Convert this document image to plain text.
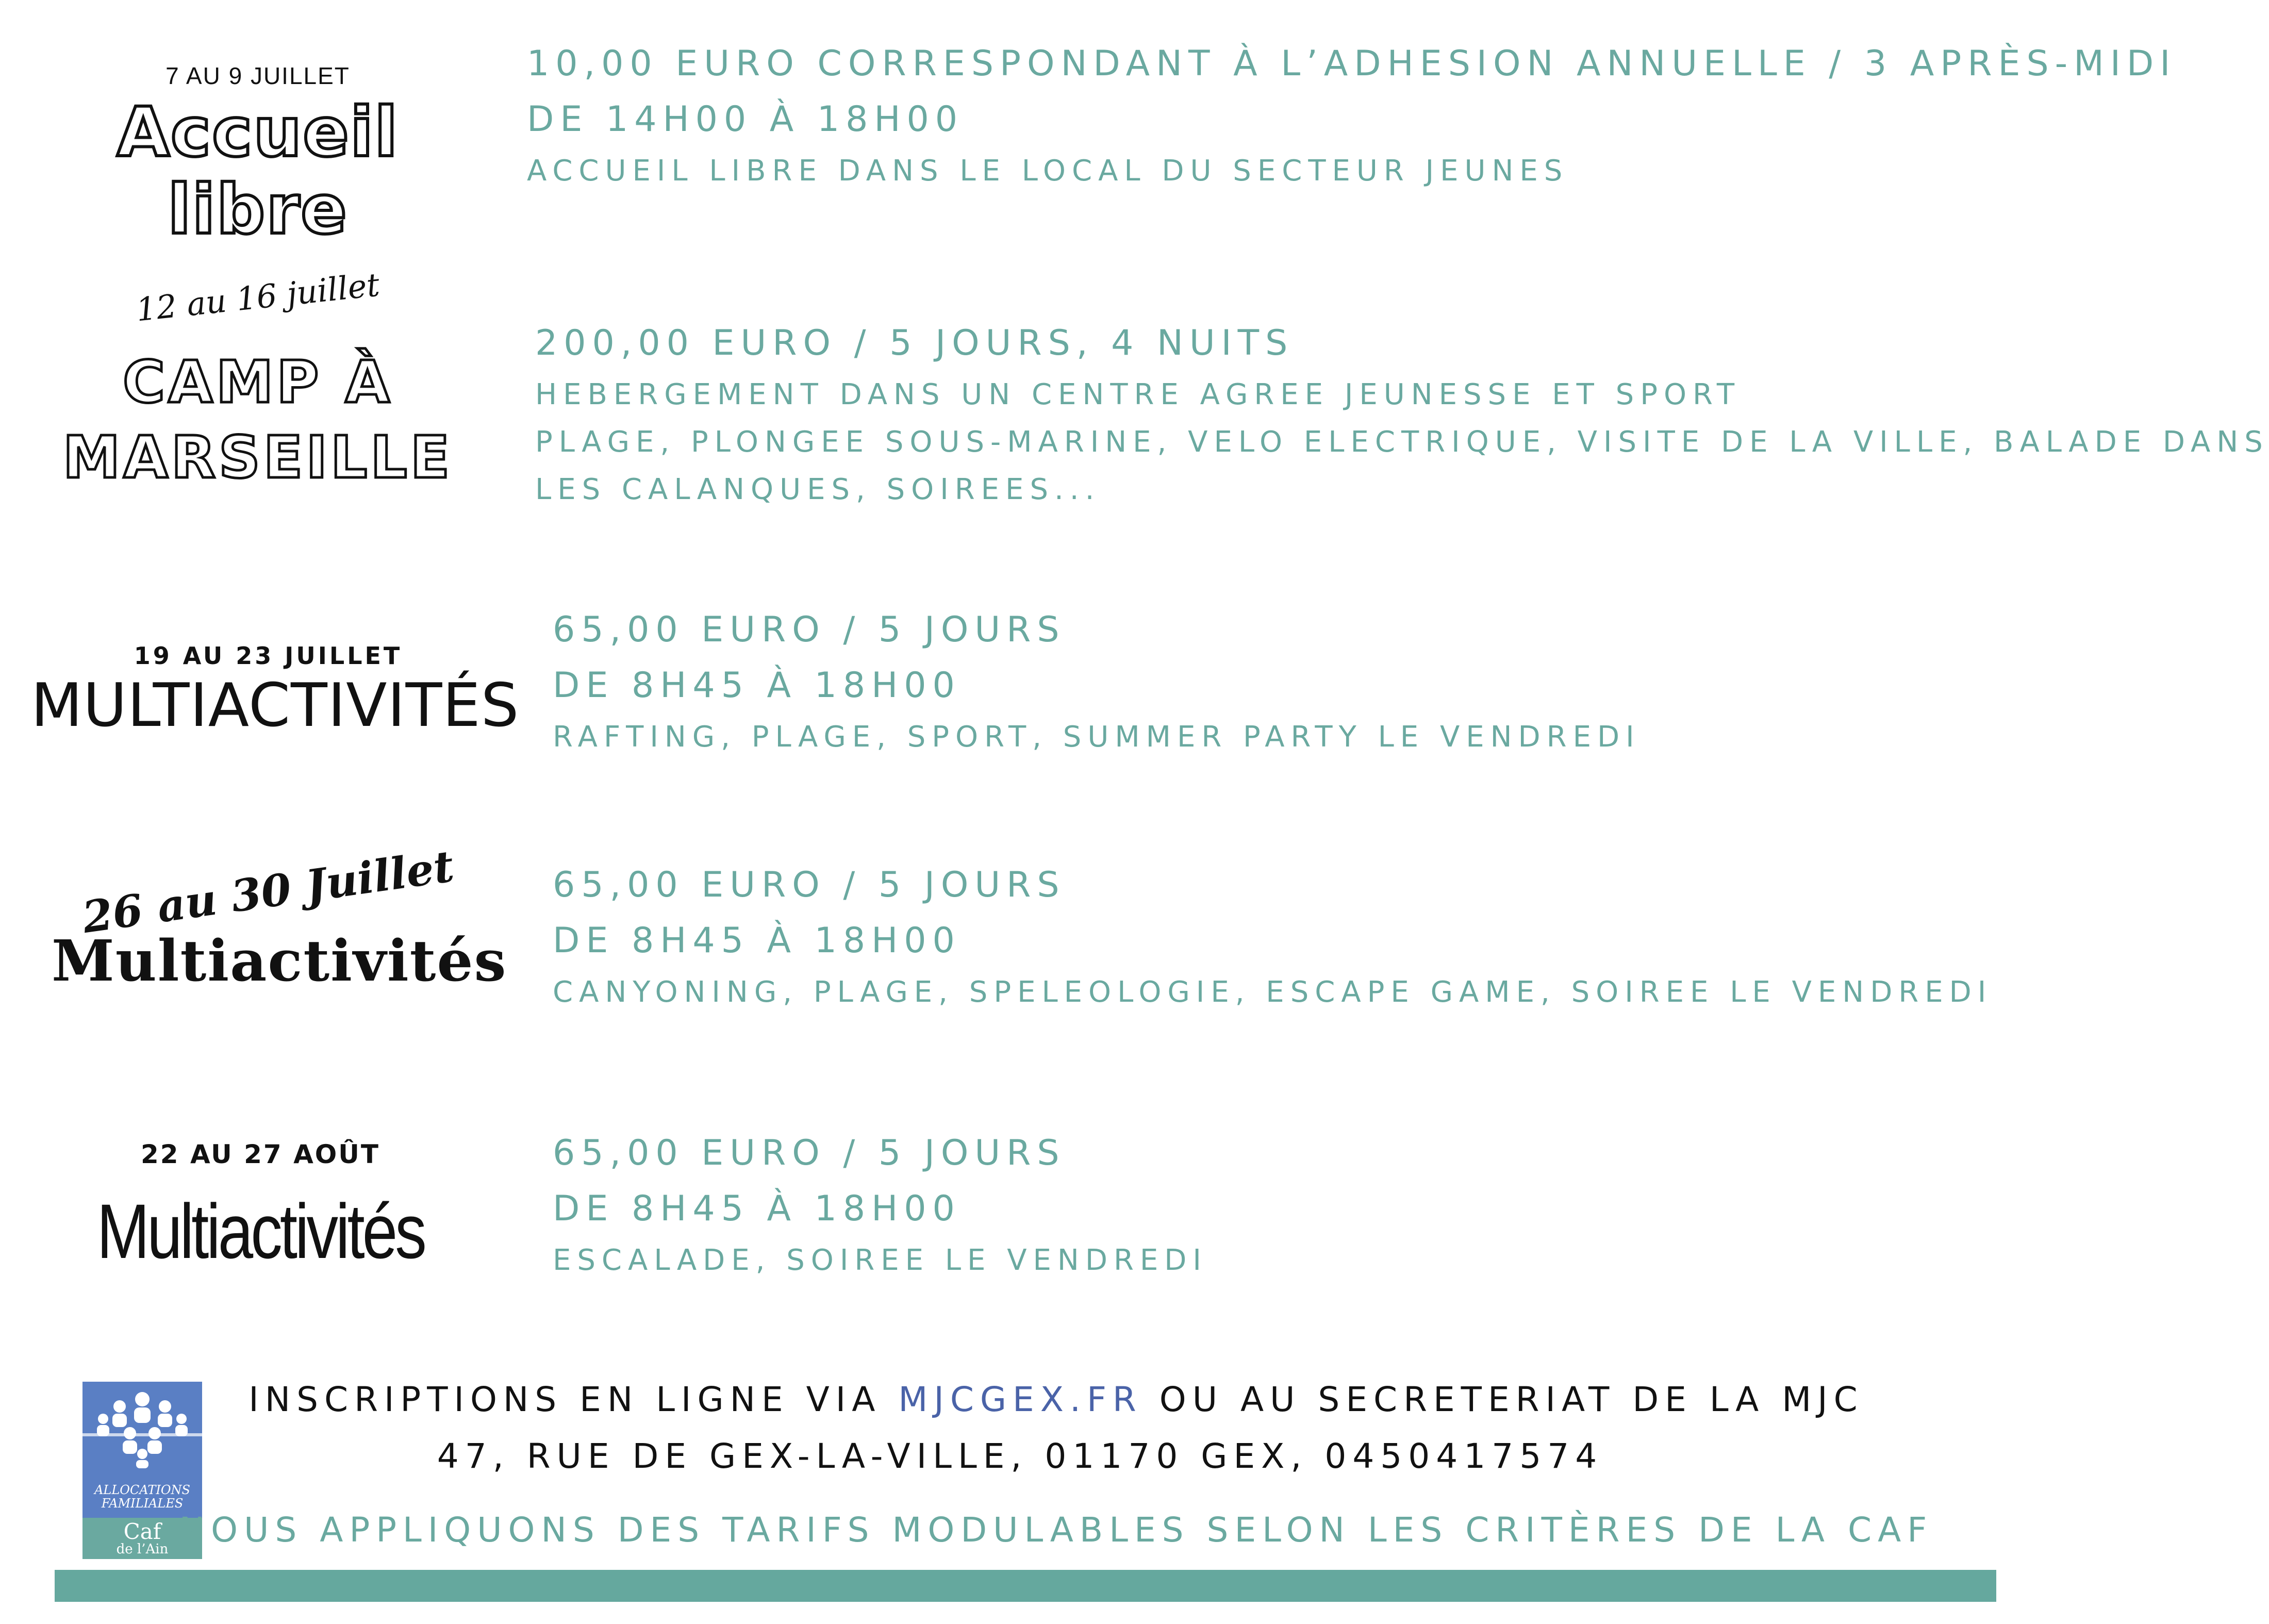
7 AU 9 JUILLET
Accueil libre
10,00 EURO CORRESPONDANT À L’ADHESION ANNUELLE / 3 APRÈS-MIDI
DE 14H00 À 18H00
ACCUEIL LIBRE DANS LE LOCAL DU SECTEUR JEUNES
12 au 16 juillet
CAMP À
MARSEILLE
200,00 EURO / 5 JOURS, 4 NUITS
HEBERGEMENT DANS UN CENTRE AGREE JEUNESSE ET SPORT
PLAGE, PLONGEE SOUS-MARINE, VELO ELECTRIQUE, VISITE DE LA VILLE, BALADE DANS
LES CALANQUES, SOIREES...
19 AU 23 JUILLET
MULTIACTIVITÉS
65,00 EURO / 5 JOURS
DE 8H45 À 18H00
RAFTING, PLAGE, SPORT, SUMMER PARTY LE VENDREDI
26 au 30 Juillet
Multiactivités
65,00 EURO / 5 JOURS
DE 8H45 À 18H00
CANYONING, PLAGE, SPELEOLOGIE, ESCAPE GAME, SOIREE LE VENDREDI
22 AU 27 AOÛT
Multiactivités
65,00 EURO / 5 JOURS
DE 8H45 À 18H00
ESCALADE, SOIREE LE VENDREDI
ALLOCATIONS
FAMILIALES
Caf
de l’Ain
INSCRIPTIONS EN LIGNE VIA MJCGEX.FR OU AU SECRETERIAT DE LA MJC
47, RUE DE GEX-LA-VILLE, 01170 GEX, 0450417574
NOUS APPLIQUONS DES TARIFS MODULABLES SELON LES CRITÈRES DE LA CAF
